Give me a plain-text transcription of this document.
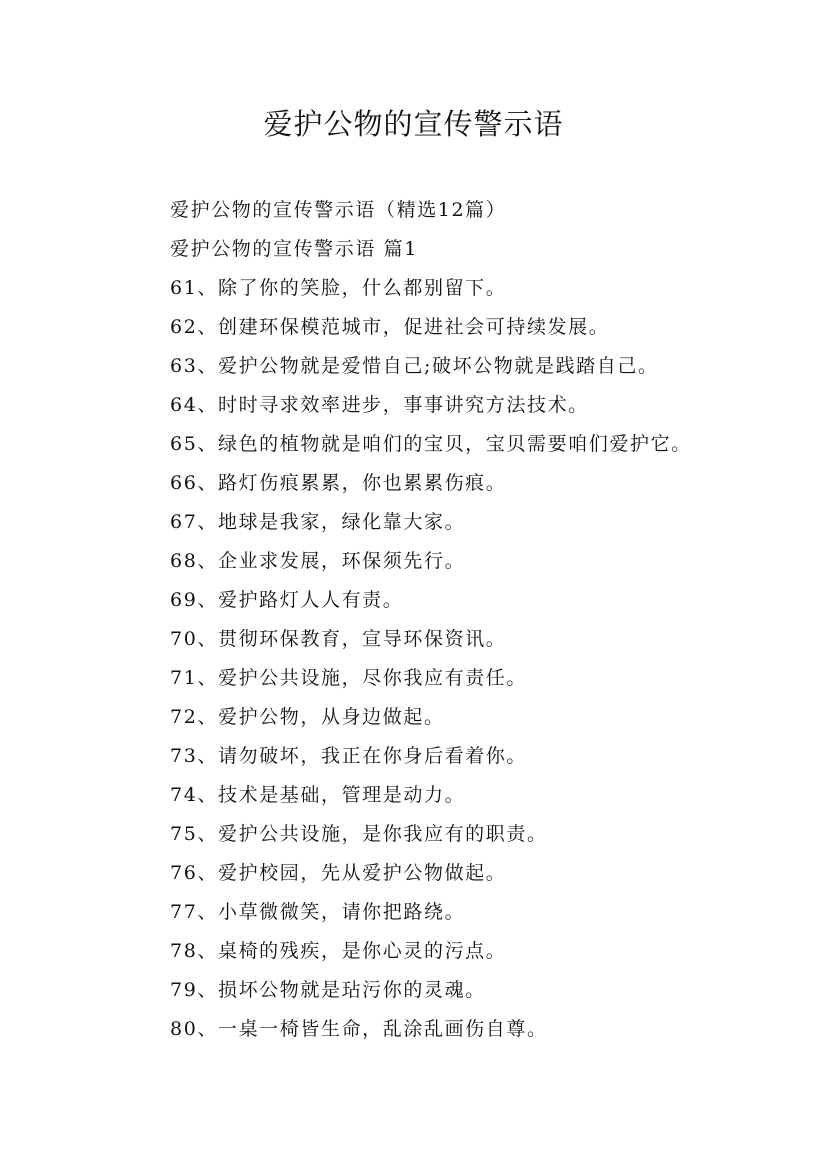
爱护公物的宣传警示语
爱护公物的宣传警示语（精选12篇）
爱护公物的宣传警示语 篇1
61、除了你的笑脸，什么都别留下。
62、创建环保模范城市，促进社会可持续发展。
63、爱护公物就是爱惜自己;破坏公物就是践踏自己。
64、时时寻求效率进步，事事讲究方法技术。
65、绿色的植物就是咱们的宝贝，宝贝需要咱们爱护它。
66、路灯伤痕累累，你也累累伤痕。
67、地球是我家，绿化靠大家。
68、企业求发展，环保须先行。
69、爱护路灯人人有责。
70、贯彻环保教育，宣导环保资讯。
71、爱护公共设施，尽你我应有责任。
72、爱护公物，从身边做起。
73、请勿破坏，我正在你身后看着你。
74、技术是基础，管理是动力。
75、爱护公共设施，是你我应有的职责。
76、爱护校园，先从爱护公物做起。
77、小草微微笑，请你把路绕。
78、桌椅的残疾，是你心灵的污点。
79、损坏公物就是玷污你的灵魂。
80、一桌一椅皆生命，乱涂乱画伤自尊。
